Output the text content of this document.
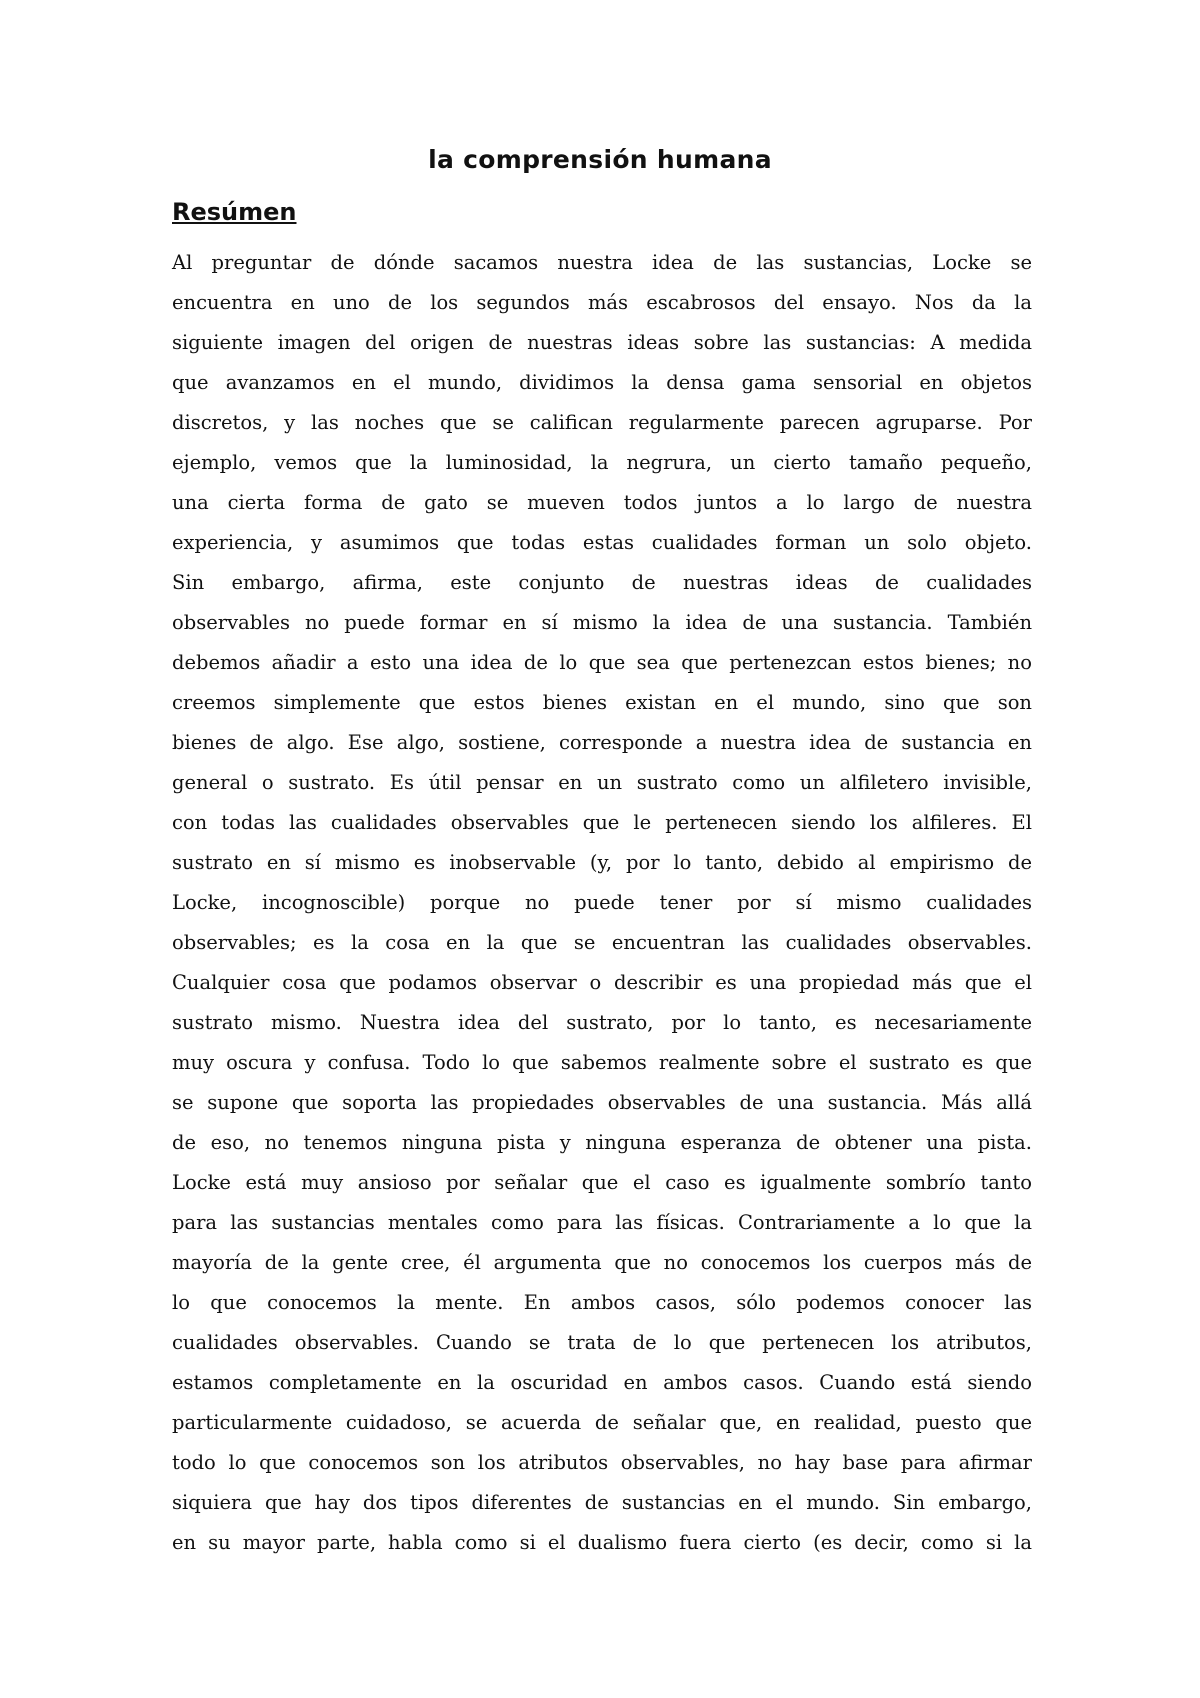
la comprensión humana
Resúmen
Al preguntar de dónde sacamos nuestra idea de las sustancias, Locke se
encuentra en uno de los segundos más escabrosos del ensayo. Nos da la
siguiente imagen del origen de nuestras ideas sobre las sustancias: A medida
que avanzamos en el mundo, dividimos la densa gama sensorial en objetos
discretos, y las noches que se califican regularmente parecen agruparse. Por
ejemplo, vemos que la luminosidad, la negrura, un cierto tamaño pequeño,
una cierta forma de gato se mueven todos juntos a lo largo de nuestra
experiencia, y asumimos que todas estas cualidades forman un solo objeto.
Sin embargo, afirma, este conjunto de nuestras ideas de cualidades
observables no puede formar en sí mismo la idea de una sustancia. También
debemos añadir a esto una idea de lo que sea que pertenezcan estos bienes; no
creemos simplemente que estos bienes existan en el mundo, sino que son
bienes de algo. Ese algo, sostiene, corresponde a nuestra idea de sustancia en
general o sustrato. Es útil pensar en un sustrato como un alfiletero invisible,
con todas las cualidades observables que le pertenecen siendo los alfileres. El
sustrato en sí mismo es inobservable (y, por lo tanto, debido al empirismo de
Locke, incognoscible) porque no puede tener por sí mismo cualidades
observables; es la cosa en la que se encuentran las cualidades observables.
Cualquier cosa que podamos observar o describir es una propiedad más que el
sustrato mismo. Nuestra idea del sustrato, por lo tanto, es necesariamente
muy oscura y confusa. Todo lo que sabemos realmente sobre el sustrato es que
se supone que soporta las propiedades observables de una sustancia. Más allá
de eso, no tenemos ninguna pista y ninguna esperanza de obtener una pista.
Locke está muy ansioso por señalar que el caso es igualmente sombrío tanto
para las sustancias mentales como para las físicas. Contrariamente a lo que la
mayoría de la gente cree, él argumenta que no conocemos los cuerpos más de
lo que conocemos la mente. En ambos casos, sólo podemos conocer las
cualidades observables. Cuando se trata de lo que pertenecen los atributos,
estamos completamente en la oscuridad en ambos casos. Cuando está siendo
particularmente cuidadoso, se acuerda de señalar que, en realidad, puesto que
todo lo que conocemos son los atributos observables, no hay base para afirmar
siquiera que hay dos tipos diferentes de sustancias en el mundo. Sin embargo,
en su mayor parte, habla como si el dualismo fuera cierto (es decir, como si la
